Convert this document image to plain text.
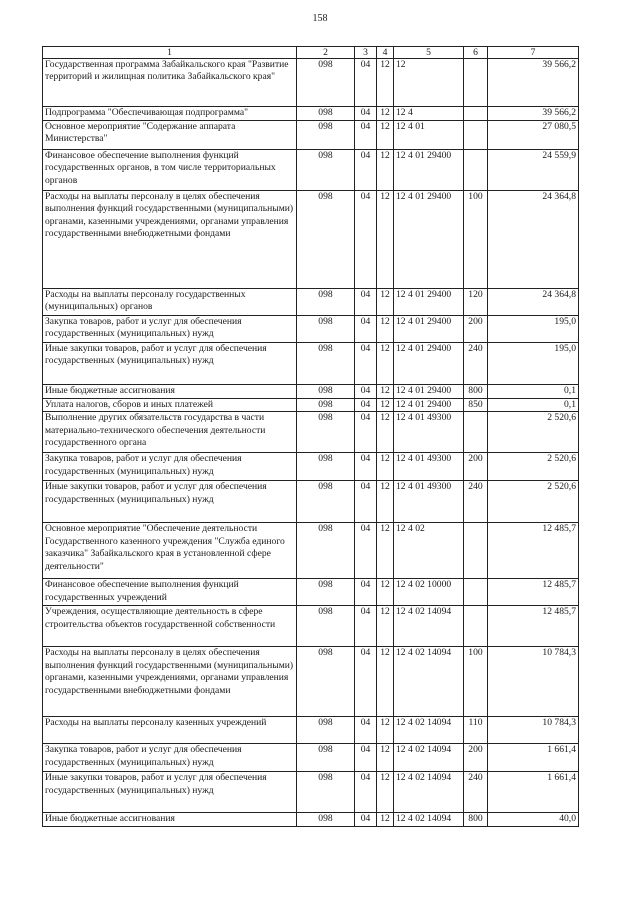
158
1	2	3	4	5	6	7
Государственная программа Забайкальского края "Развитие территорий и жилищная политика Забайкальского края"	098	04	12	12		39 566,2
Подпрограмма "Обеспечивающая подпрограмма"	098	04	12	12 4		39 566,2
Основное мероприятие "Содержание аппарата Министерства"	098	04	12	12 4 01		27 080,5
Финансовое обеспечение выполнения функций государственных органов, в том числе территориальных органов	098	04	12	12 4 01 29400		24 559,9
Расходы на выплаты персоналу в целях обеспечения выполнения функций государственными (муниципальными) органами, казенными учреждениями, органами управления государственными внебюджетными фондами	098	04	12	12 4 01 29400	100	24 364,8
Расходы на выплаты персоналу государственных (муниципальных) органов	098	04	12	12 4 01 29400	120	24 364,8
Закупка товаров, работ и услуг для обеспечения государственных (муниципальных) нужд	098	04	12	12 4 01 29400	200	195,0
Иные закупки товаров, работ и услуг для обеспечения государственных (муниципальных) нужд	098	04	12	12 4 01 29400	240	195,0
Иные бюджетные ассигнования	098	04	12	12 4 01 29400	800	0,1
Уплата налогов, сборов и иных платежей	098	04	12	12 4 01 29400	850	0,1
Выполнение других обязательств государства в части материально-технического обеспечения деятельности государственного органа	098	04	12	12 4 01 49300		2 520,6
Закупка товаров, работ и услуг для обеспечения государственных (муниципальных) нужд	098	04	12	12 4 01 49300	200	2 520,6
Иные закупки товаров, работ и услуг для обеспечения государственных (муниципальных) нужд	098	04	12	12 4 01 49300	240	2 520,6
Основное мероприятие "Обеспечение деятельности Государственного казенного учреждения "Служба единого заказчика" Забайкальского края в установленной сфере деятельности"	098	04	12	12 4 02		12 485,7
Финансовое обеспечение выполнения функций государственных учреждений	098	04	12	12 4 02 10000		12 485,7
Учреждения, осуществляющие деятельность в сфере строительства объектов государственной собственности	098	04	12	12 4 02 14094		12 485,7
Расходы на выплаты персоналу в целях обеспечения выполнения функций государственными (муниципальными) органами, казенными учреждениями, органами управления государственными внебюджетными фондами	098	04	12	12 4 02 14094	100	10 784,3
Расходы на выплаты персоналу казенных учреждений	098	04	12	12 4 02 14094	110	10 784,3
Закупка товаров, работ и услуг для обеспечения государственных (муниципальных) нужд	098	04	12	12 4 02 14094	200	1 661,4
Иные закупки товаров, работ и услуг для обеспечения государственных (муниципальных) нужд	098	04	12	12 4 02 14094	240	1 661,4
Иные бюджетные ассигнования	098	04	12	12 4 02 14094	800	40,0
